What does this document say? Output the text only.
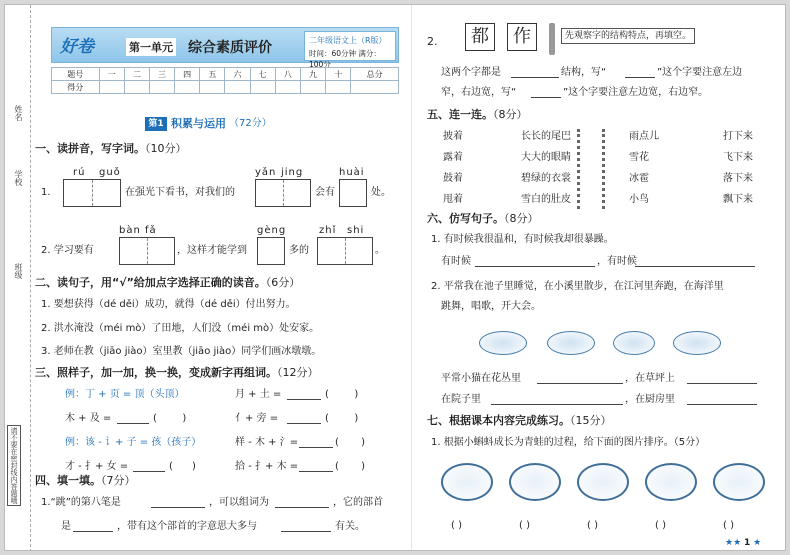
姓名
学校
班级
请不要在密封线内答题哦
好卷	第一单元 综合素质评价	二年级语文上（R版）
时间：60分钟 满分：100分
题号	一	二	三	四	五	六	七	八	九	十	总分
得分											
第1部分
积累与运用 （72分）
一、读拼音，写字词。（10分）
rú guǒ	yǎn jing	huài
1.	在强光下看书，对我们的	会有	处。
bàn fǎ	gèng	zhǐ shi
2. 学习要有	，这样才能学到	多的	。
二、读句子，用“√”给加点字选择正确的读音。（6分）
1. 要想获得（dé děi）成功，就得（dé děi）付出努力。
2. 洪水淹没（méi mò）了田地，人们没（méi mò）处安家。
3. 老师在教（jiāo jiào）室里教（jiāo jiào）同学们画冰墩墩。
三、照样子，加一加，换一换，变成新字再组词。（12分）
例：丁 + 页 = 顶（头顶）	月 + 土 =	(        )
木 + 及 =	(        )	亻+ 旁 =	(        )
例：该 - 讠+ 子 = 孩（孩子）	样 - 木 + 氵=	(       )
才 - 扌+ 女 =	(      )	拾 - 扌+ 木 =	(       )
四、填一填。（7分）
1.“跳”的第八笔是	，可以组词为	，它的部首
是	，带有这个部首的字意思大多与	有关。
2.	都	作	先观察字的结构特点，再填空。
这两个字都是	结构，写“	”这个字要注意左边
窄，右边宽，写“	”这个字要注意左边宽，右边窄。
五、连一连。（8分）
六、仿写句子。（8分）
1. 有时候我很温和，有时候我却很暴躁。
有时候	，有时候
2. 平常我在池子里睡觉，在小溪里散步，在江河里奔跑，在海洋里
跳舞，唱歌，开大会。
平常小猫在花丛里	，在草坪上
在院子里	，在厨房里
七、根据课本内容完成练习。（15分）
1. 根据小蝌蚪成长为青蛙的过程，给下面的图片排序。（5分）
★★ 1 ★
披着
露着
鼓着
甩着
长长的尾巴
大大的眼睛
碧绿的衣裳
雪白的肚皮
雨点儿
雪花
冰雹
小鸟
打下来
飞下来
落下来
飘下来
( )	( )	( )	( )	( )
